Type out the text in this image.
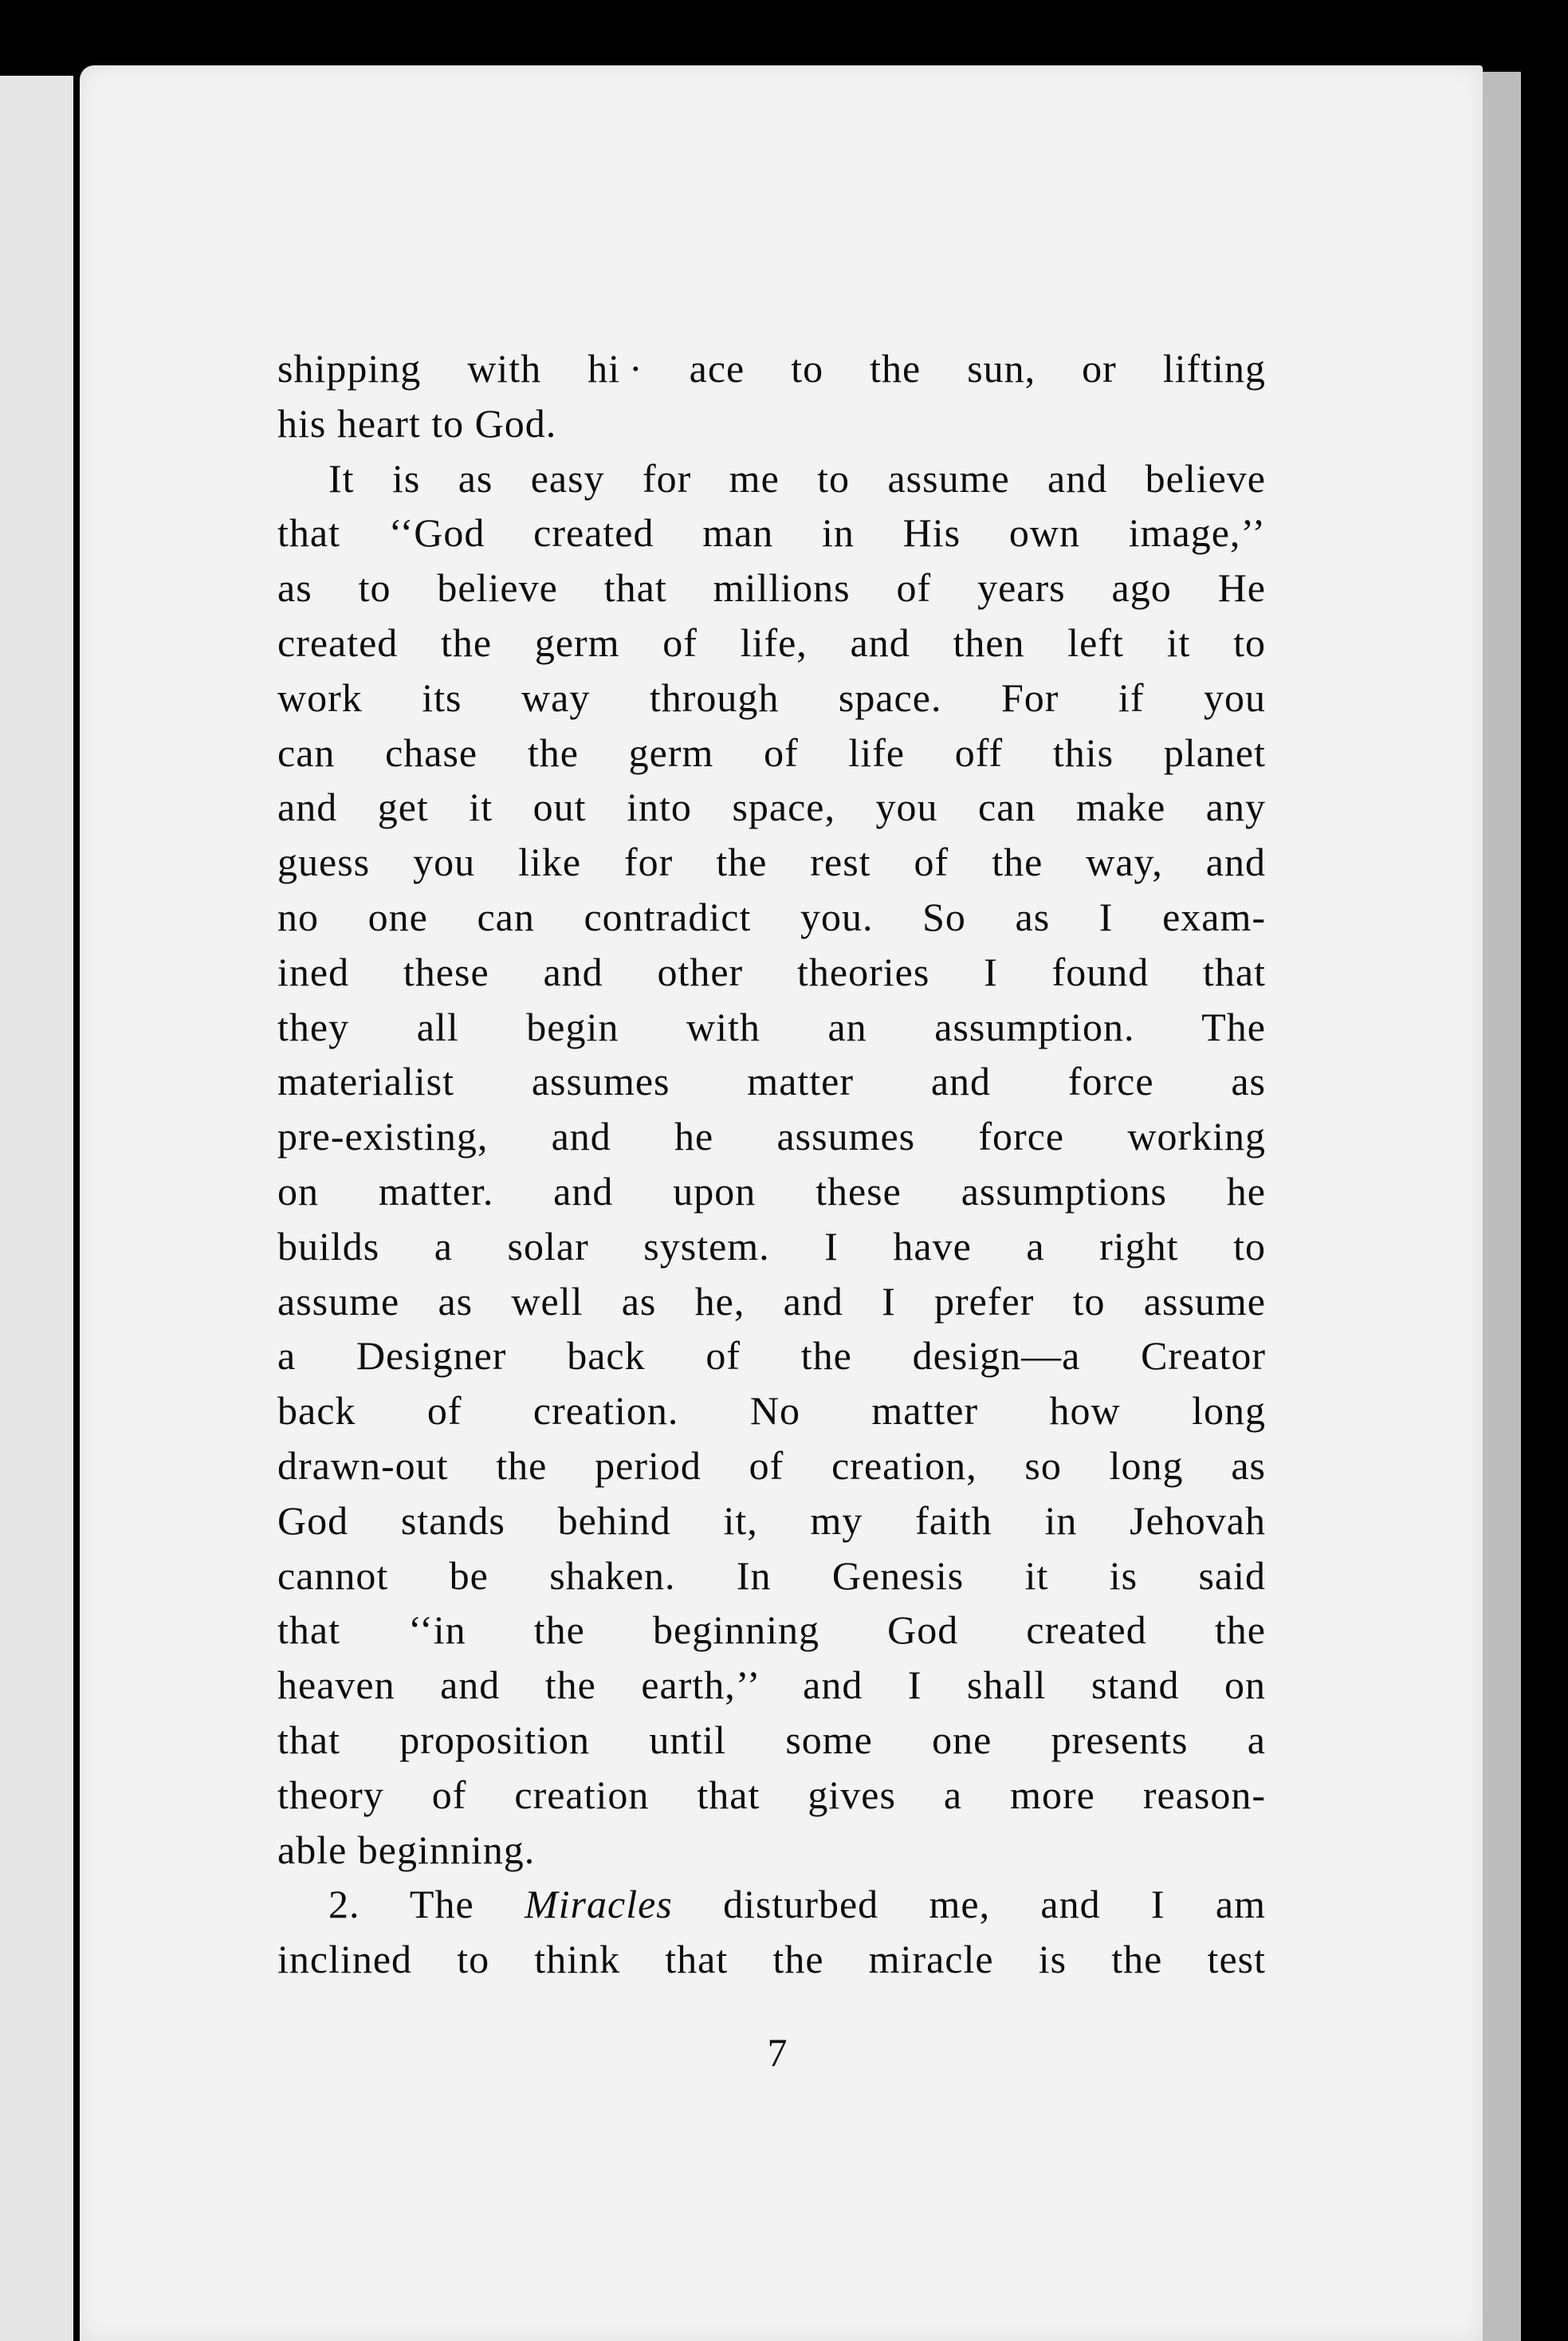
shipping with hi · ace to the sun, or lifting
his heart to God.
It is as easy for me to assume and believe
that ‘‘God created man in His own image,’’
as to believe that millions of years ago He
created the germ of life, and then left it to
work its way through space. For if you
can chase the germ of life off this planet
and get it out into space, you can make any
guess you like for the rest of the way, and
no one can contradict you. So as I exam-
ined these and other theories I found that
they all begin with an assumption. The
materialist assumes matter and force as
pre-existing, and he assumes force working
on matter. and upon these assumptions he
builds a solar system. I have a right to
assume as well as he, and I prefer to assume
a Designer back of the design—a Creator
back of creation. No matter how long
drawn-out the period of creation, so long as
God stands behind it, my faith in Jehovah
cannot be shaken. In Genesis it is said
that ‘‘in the beginning God created the
heaven and the earth,’’ and I shall stand on
that proposition until some one presents a
theory of creation that gives a more reason-
able beginning.
2. The Miracles disturbed me, and I am
inclined to think that the miracle is the test
7
